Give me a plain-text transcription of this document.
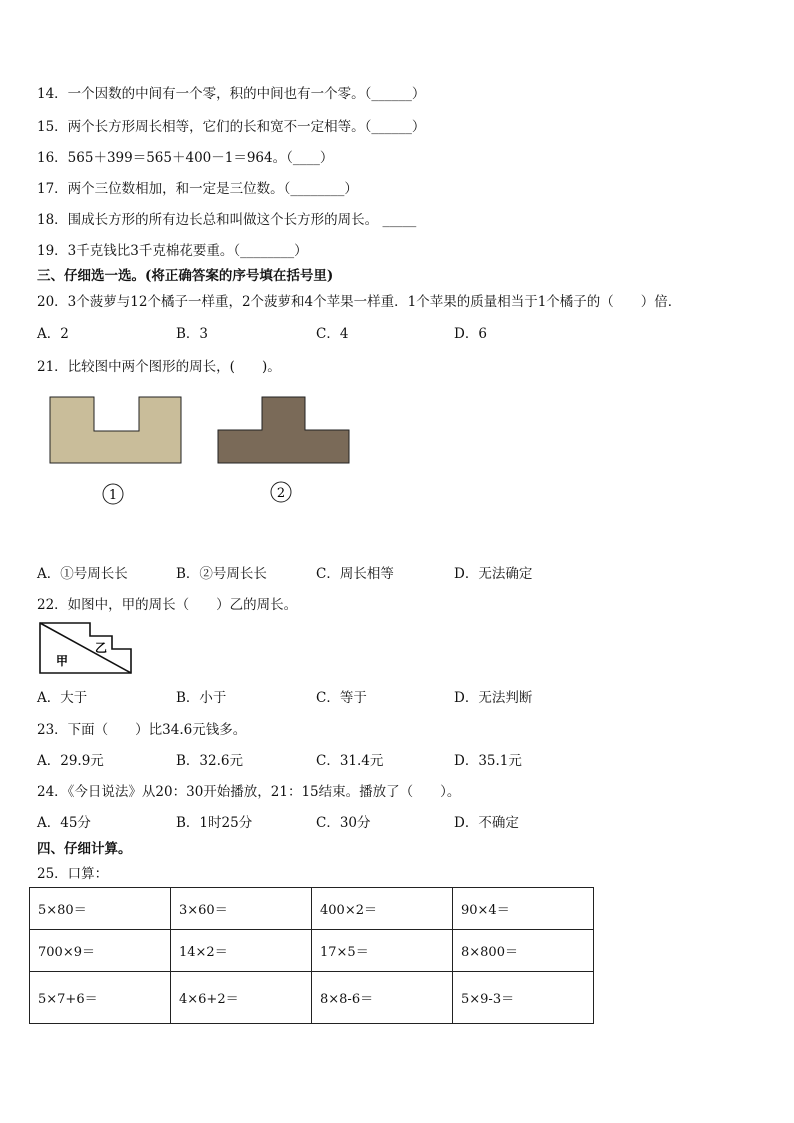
14．一个因数的中间有一个零，积的中间也有一个零。（______）
15．两个长方形周长相等，它们的长和宽不一定相等。（______）
16．565＋399＝565＋400－1＝964。（____）
17．两个三位数相加，和一定是三位数。（________）
18．围成长方形的所有边长总和叫做这个长方形的周长。 _____
19．3千克钱比3千克棉花要重。（________）
三、仔细选一选。(将正确答案的序号填在括号里)
20．3个菠萝与12个橘子一样重，2个菠萝和4个苹果一样重．1个苹果的质量相当于1个橘子的（　　）倍．
A．2	B．3	C．4	D．6
21．比较图中两个图形的周长，(　　)。
1	2
甲
乙
A．①号周长长	B．②号周长长	C．周长相等	D．无法确定
22．如图中，甲的周长（　　）乙的周长。
A．大于	B．小于	C．等于	D．无法判断
23．下面（　　）比34.6元钱多。
A．29.9元	B．32.6元	C．31.4元	D．35.1元
24．《今日说法》从20：30开始播放，21：15结束。播放了（　　）。
A．45分	B．1时25分	C．30分	D．不确定
四、仔细计算。
25．口算：
5×80＝	3×60＝	400×2＝	90×4＝
700×9＝	14×2＝	17×5＝	8×800＝
5×7+6＝	4×6+2＝	8×8-6＝	5×9-3＝
